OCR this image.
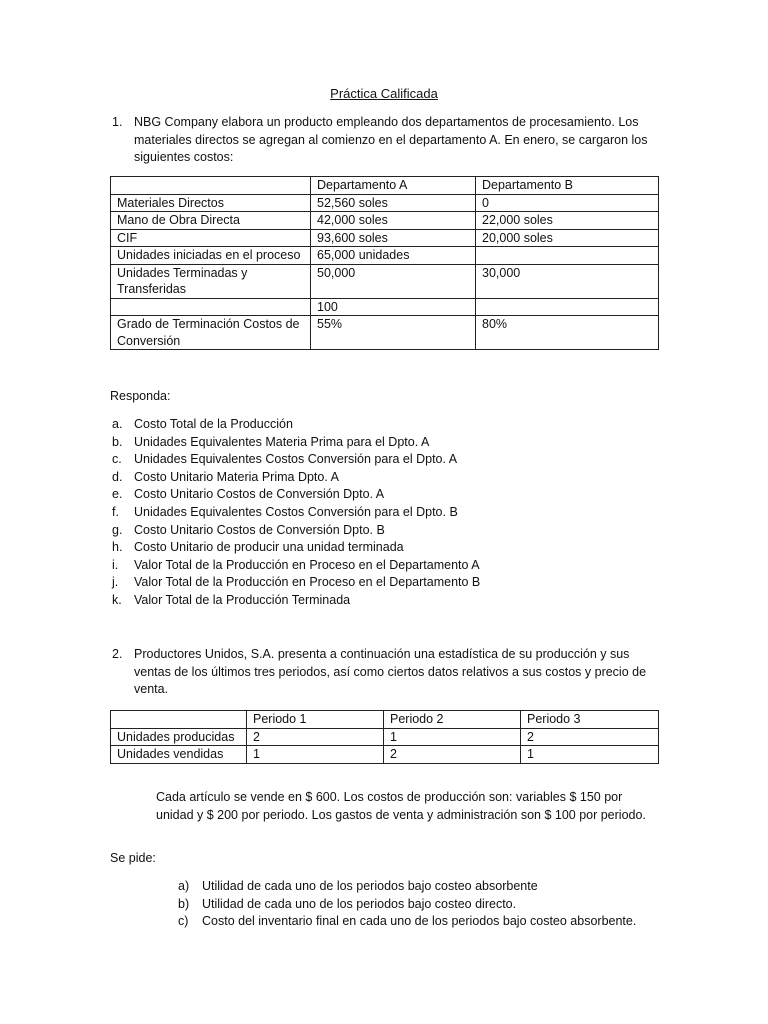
Práctica Calificada
1. NBG Company elabora un producto empleando dos departamentos de procesamiento. Los materiales directos se agregan al comienzo en el departamento A. En enero, se cargaron los siguientes costos:
	Departamento A	Departamento B
Materiales Directos	52,560 soles	0
Mano de Obra Directa	42,000 soles	22,000 soles
CIF	93,600 soles	20,000 soles
Unidades iniciadas en el proceso	65,000 unidades	
Unidades Terminadas y Transferidas	50,000	30,000
	100	
Grado de Terminación Costos de Conversión	55%	80%
Responda:
a. Costo Total de la Producción
b. Unidades Equivalentes Materia Prima para el Dpto. A
c. Unidades Equivalentes Costos Conversión para el Dpto. A
d. Costo Unitario Materia Prima Dpto. A
e. Costo Unitario Costos de Conversión Dpto. A
f. Unidades Equivalentes Costos Conversión para el Dpto. B
g. Costo Unitario Costos de Conversión Dpto. B
h. Costo Unitario de producir una unidad terminada
i. Valor Total de la Producción en Proceso en el Departamento A
j. Valor Total de la Producción en Proceso en el Departamento B
k. Valor Total de la Producción Terminada
2. Productores Unidos, S.A. presenta a continuación una estadística de su producción y sus ventas de los últimos tres periodos, así como ciertos datos relativos a sus costos y precio de venta.
	Periodo 1	Periodo 2	Periodo 3
Unidades producidas	2	1	2
Unidades vendidas	1	2	1
Cada artículo se vende en $ 600. Los costos de producción son: variables $ 150 por unidad y $ 200 por periodo. Los gastos de venta y administración son $ 100 por periodo.
Se pide:
a) Utilidad de cada uno de los periodos bajo costeo absorbente
b) Utilidad de cada uno de los periodos bajo costeo directo.
c) Costo del inventario final en cada uno de los periodos bajo costeo absorbente.
